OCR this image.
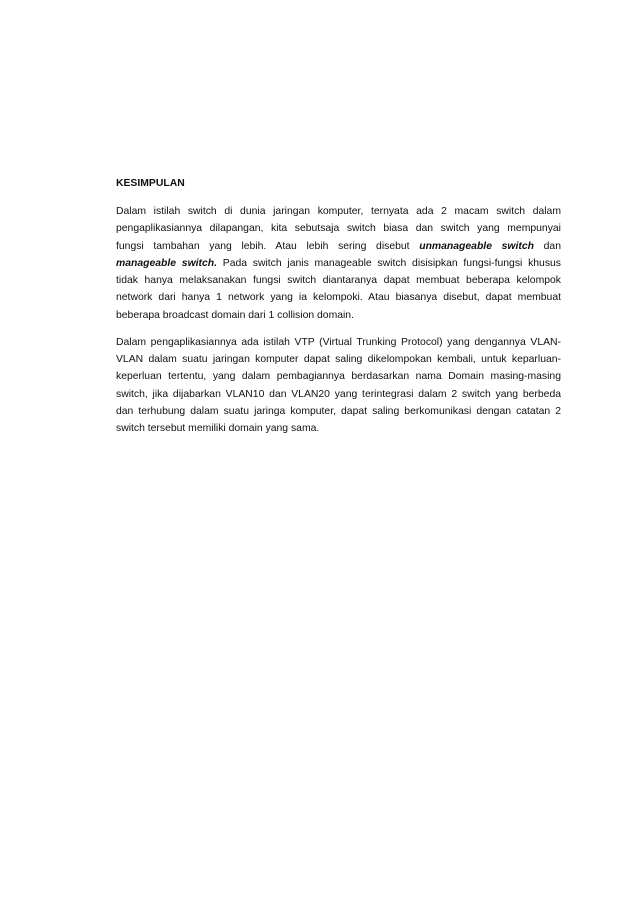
KESIMPULAN
Dalam istilah switch di dunia jaringan komputer, ternyata ada 2 macam switch dalam
pengaplikasiannya dilapangan, kita sebutsaja switch biasa dan switch yang mempunyai
fungsi tambahan yang lebih. Atau lebih sering disebut unmanageable switch dan
manageable switch. Pada switch janis manageable switch disisipkan fungsi-fungsi khusus
tidak hanya melaksanakan fungsi switch diantaranya dapat membuat beberapa kelompok
network dari hanya 1 network yang ia kelompoki. Atau biasanya disebut, dapat membuat
beberapa broadcast domain dari 1 collision domain.
Dalam pengaplikasiannya ada istilah VTP (Virtual Trunking Protocol) yang dengannya VLAN-
VLAN dalam suatu jaringan komputer dapat saling dikelompokan kembali, untuk keparluan-
keperluan tertentu, yang dalam pembagiannya berdasarkan nama Domain masing-masing
switch, jika dijabarkan VLAN10 dan VLAN20 yang terintegrasi dalam 2 switch yang berbeda
dan terhubung dalam suatu jaringa komputer, dapat saling berkomunikasi dengan catatan 2
switch tersebut memiliki domain yang sama.
